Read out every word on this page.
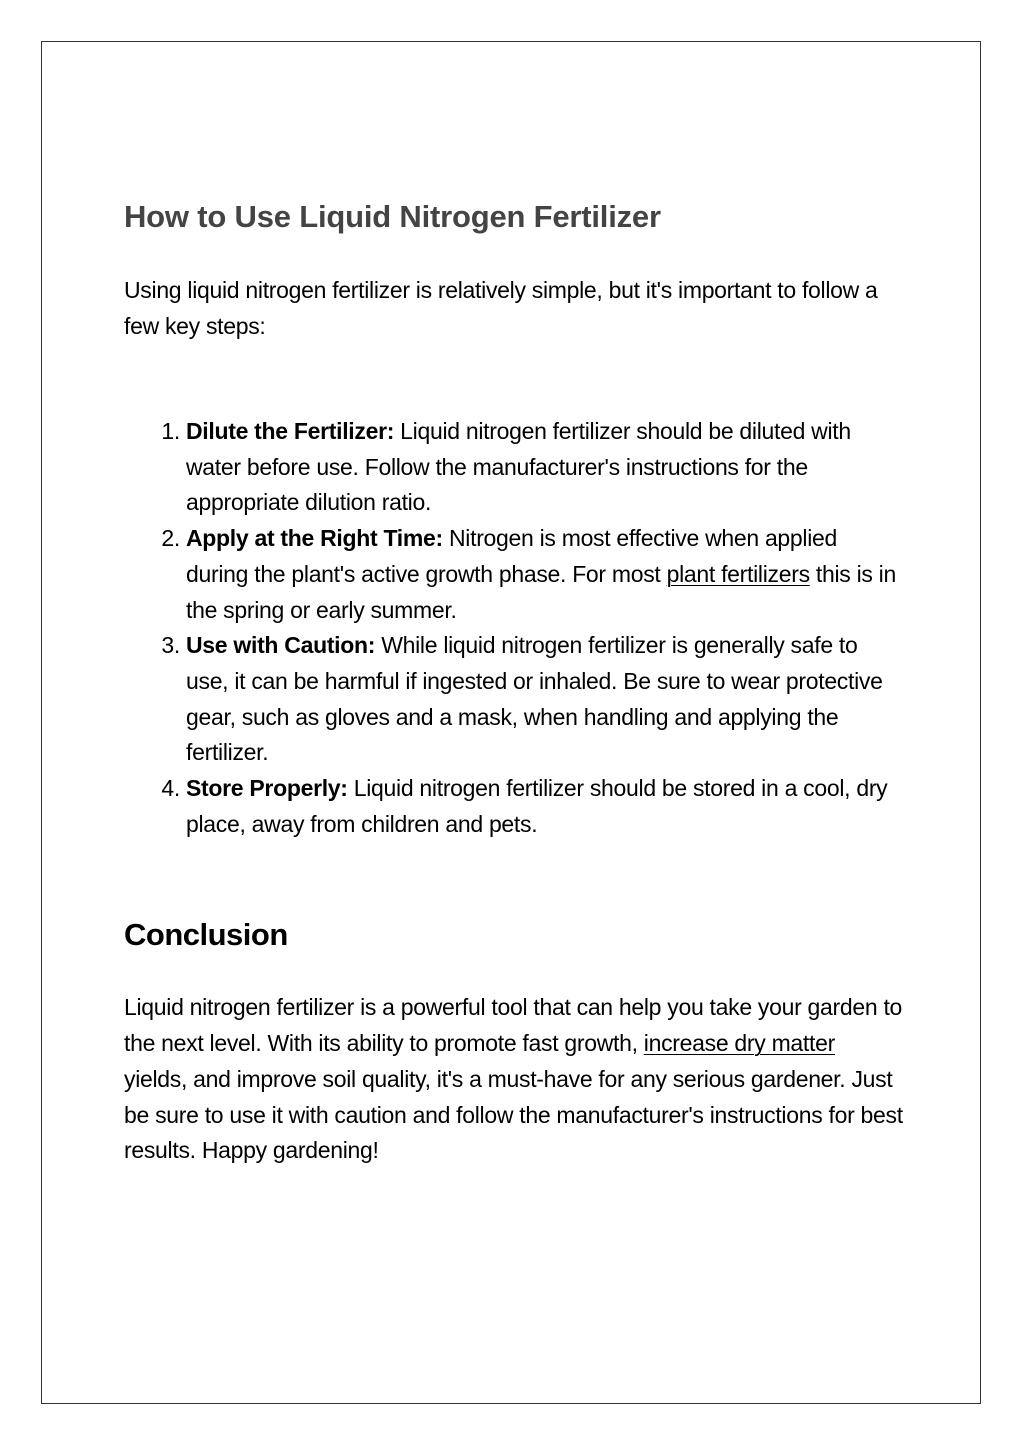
How to Use Liquid Nitrogen Fertilizer

Using liquid nitrogen fertilizer is relatively simple, but it's important to follow a few key steps:

1. Dilute the Fertilizer: Liquid nitrogen fertilizer should be diluted with water before use. Follow the manufacturer's instructions for the appropriate dilution ratio.
2. Apply at the Right Time: Nitrogen is most effective when applied during the plant's active growth phase. For most plant fertilizers this is in the spring or early summer.
3. Use with Caution: While liquid nitrogen fertilizer is generally safe to use, it can be harmful if ingested or inhaled. Be sure to wear protective gear, such as gloves and a mask, when handling and applying the fertilizer.
4. Store Properly: Liquid nitrogen fertilizer should be stored in a cool, dry place, away from children and pets.
Conclusion

Liquid nitrogen fertilizer is a powerful tool that can help you take your garden to the next level. With its ability to promote fast growth, increase dry matter yields, and improve soil quality, it's a must-have for any serious gardener. Just be sure to use it with caution and follow the manufacturer's instructions for best results. Happy gardening!
